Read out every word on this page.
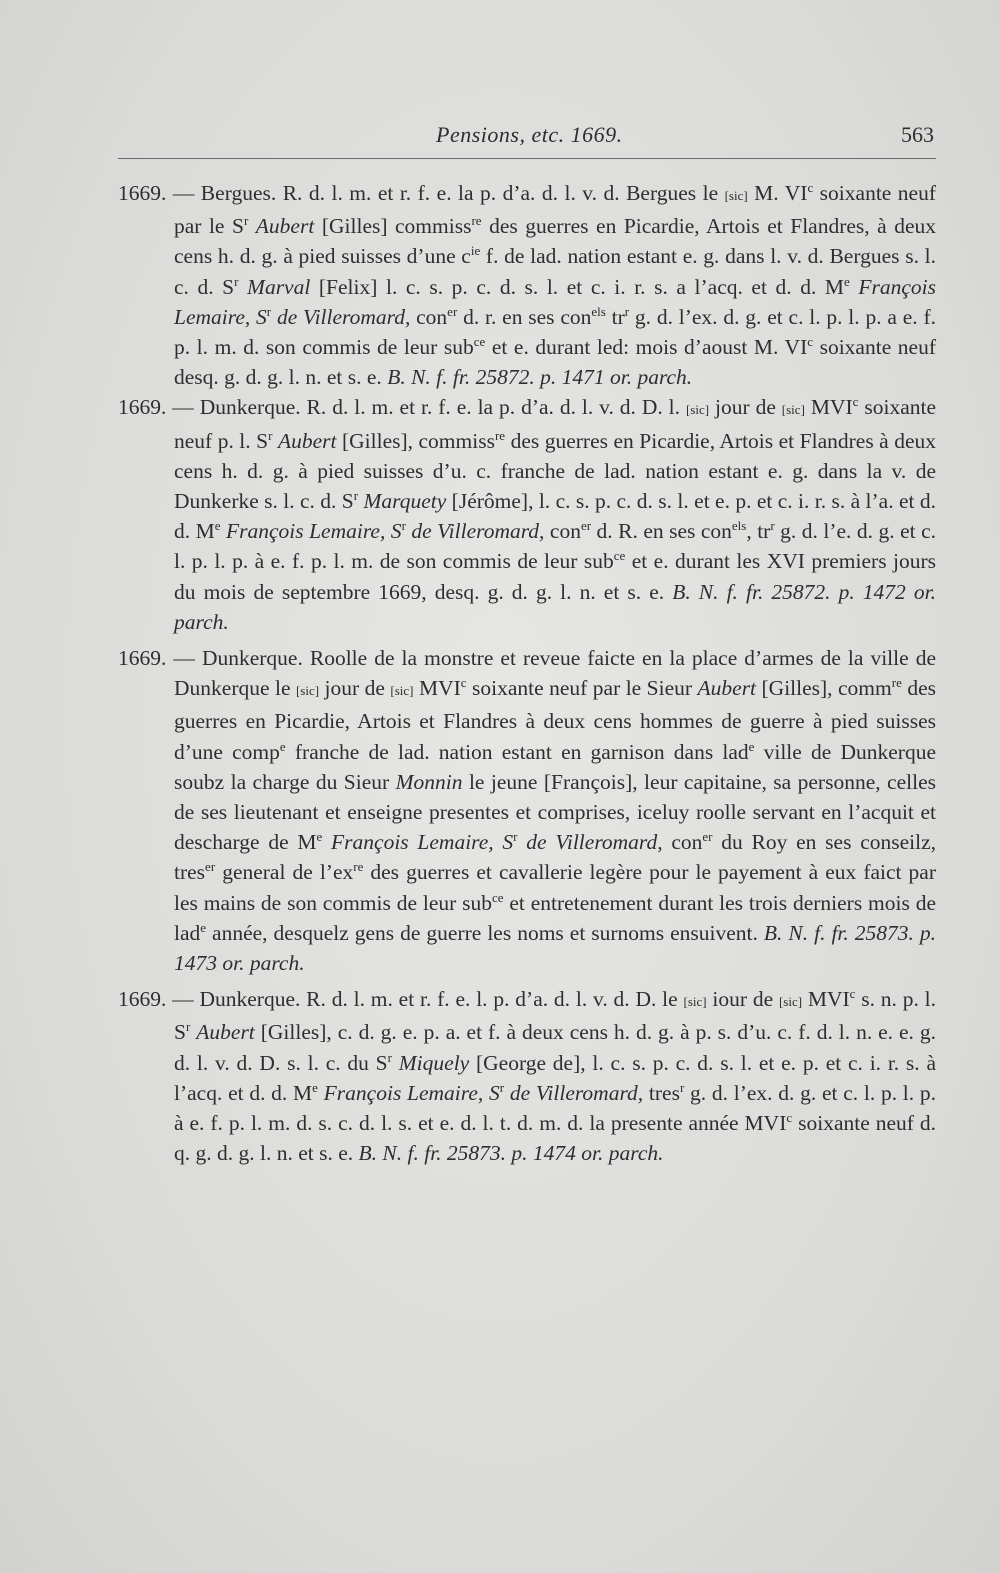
Pensions, etc. 1669.	563

1669. — Bergues. R. d. l. m. et r. f. e. la p. d’a. d. l. v. d. Bergues le [sic] M. $VI^c$ soixante neuf par le $S^r$ Aubert [Gilles] commiss$^{re}$ des guerres en Picardie, Artois et Flandres, à deux cens h. d. g. à pied suisses d’une $c^{ie}$ f. de lad. nation estant e. g. dans l. v. d. Bergues s. l. c. d. $S^r$ Marval [Felix] l. c. s. p. c. d. s. l. et c. i. r. s. a l’acq. et d. d. Me François Lemaire, $S^r$ de Villeromard, con$^{er}$ d. r. en ses con$^{els}$ $tr^r$ g. d. l’ex. d. g. et c. l. p. l. p. a e. f. p. l. m. d. son commis de leur sub$^{ce}$ et e. durant led: mois d’aoust M. $VI^c$ soixante neuf desq. g. d. g. l. n. et s. e. B. N. f. fr. 25872. p. 1471 or. parch.

1669. — Dunkerque. R. d. l. m. et r. f. e. la p. d’a. d. l. v. d. D. l. [sic] jour de [sic] MVI$^c$ soixante neuf p. l. $S^r$ Aubert [Gilles], commiss$^{re}$ des guerres en Picardie, Artois et Flandres à deux cens h. d. g. à pied suisses d’u. c. franche de lad. nation estant e. g. dans la v. de Dunkerke s. l. c. d. $S^r$ Marquety [Jérôme], l. c. s. p. c. d. s. l. et e. p. et c. i. r. s. à l’a. et d. d. Me François Lemaire, $S^r$ de Villeromard, con$^{er}$ d. R. en ses con$^{els}$, $tr^r$ g. d. l’e. d. g. et c. l. p. l. p. à e. f. p. l. m. de son commis de leur sub$^{ce}$ et e. durant les XVI premiers jours du mois de septembre 1669, desq. g. d. g. l. n. et s. e. B. N. f. fr. 25872. p. 1472 or. parch.

1669. — Dunkerque. Roolle de la monstre et reveue faicte en la place d’armes de la ville de Dunkerque le [sic] jour de [sic] MVI$^c$ soixante neuf par le Sieur Aubert [Gilles], comm$^{re}$ des guerres en Picardie, Artois et Flandres à deux cens hommes de guerre à pied suisses d’une comp$^e$ franche de lad. nation estant en garnison dans lad$^e$ ville de Dunkerque soubz la charge du Sieur Monnin le jeune [François], leur capitaine, sa personne, celles de ses lieutenant et enseigne presentes et comprises, iceluy roolle servant en l’acquit et descharge de Me François Lemaire, $S^r$ de Villeromard, con$^{er}$ du Roy en ses conseilz, tres$^{er}$ general de $l’ex^{re}$ des guerres et cavallerie legère pour le payement à eux faict par les mains de son commis de leur sub$^{ce}$ et entretenement durant les trois derniers mois de lad$^e$ année, desquelz gens de guerre les noms et surnoms ensuivent. B. N. f. fr. 25873. p. 1473 or. parch.

1669. — Dunkerque. R. d. l. m. et r. f. e. l. p. d’a. d. l. v. d. D. le [sic] iour de [sic] MVI$^c$ s. n. p. l. $S^r$ Aubert [Gilles], c. d. g. e. p. a. et f. à deux cens h. d. g. à p. s. d’u. c. f. d. l. n. e. e. g. d. l. v. d. D. s. l. c. du $S^r$ Miquely [George de], l. c. s. p. c. d. s. l. et e. p. et c. i. r. s. à l’acq. et d. d. Me François Lemaire, $S^r$ de Villeromard, tres$^r$ g. d. l’ex. d. g. et c. l. p. l. p. à e. f. p. l. m. d. s. c. d. l. s. et e. d. l. t. d. m. d. la presente année MVI$^c$ soixante neuf d. q. g. d. g. l. n. et s. e. B. N. f. fr. 25873. p. 1474 or. parch.
